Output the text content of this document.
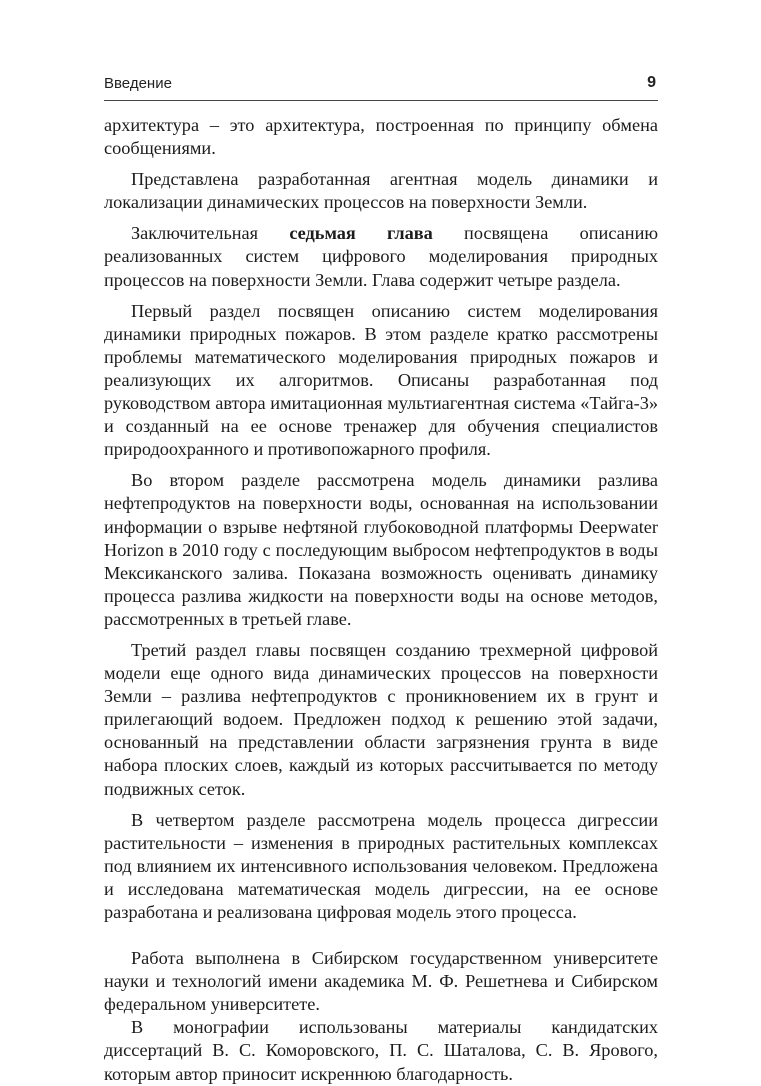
Введение	9

архитектура – это архитектура, построенная по принципу обмена сообщениями.

Представлена разработанная агентная модель динамики и локализации динамических процессов на поверхности Земли.

Заключительная седьмая глава посвящена описанию реализованных систем цифрового моделирования природных процессов на поверхности Земли. Глава содержит четыре раздела.

Первый раздел посвящен описанию систем моделирования динамики природных пожаров. В этом разделе кратко рассмотрены проблемы математического моделирования природных пожаров и реализующих их алгоритмов. Описаны разработанная под руководством автора имитационная мультиагентная система «Тайга-3» и созданный на ее основе тренажер для обучения специалистов природоохранного и противопожарного профиля.

Во втором разделе рассмотрена модель динамики разлива нефтепродуктов на поверхности воды, основанная на использовании информации о взрыве нефтяной глубоководной платформы Deepwater Horizon в 2010 году с последующим выбросом нефтепродуктов в воды Мексиканского залива. Показана возможность оценивать динамику процесса разлива жидкости на поверхности воды на основе методов, рассмотренных в третьей главе.

Третий раздел главы посвящен созданию трехмерной цифровой модели еще одного вида динамических процессов на поверхности Земли – разлива нефтепродуктов с проникновением их в грунт и прилегающий водоем. Предложен подход к решению этой задачи, основанный на представлении области загрязнения грунта в виде набора плоских слоев, каждый из которых рассчитывается по методу подвижных сеток.

В четвертом разделе рассмотрена модель процесса дигрессии растительности – изменения в природных растительных комплексах под влиянием их интенсивного использования человеком. Предложена и исследована математическая модель дигрессии, на ее основе разработана и реализована цифровая модель этого процесса.

Работа выполнена в Сибирском государственном университете науки и технологий имени академика М. Ф. Решетнева и Сибирском федеральном университете.

В монографии использованы материалы кандидатских диссертаций В. С. Коморовского, П. С. Шаталова, С. В. Ярового, которым автор приносит искреннюю благодарность.
